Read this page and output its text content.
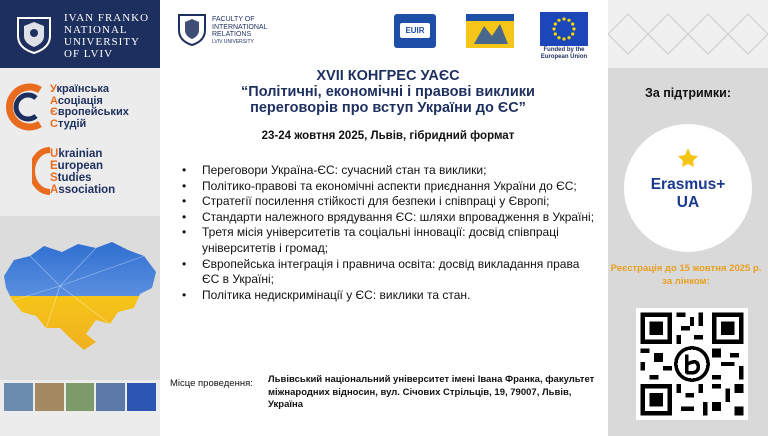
IVAN FRANKO
NATIONAL
UNIVERSITY
OF LVIV
Українська
Асоціація
Європейських
Студій
Ukrainian
European
Studies
Association
FACULTY OF
INTERNATIONAL
RELATIONS
LVIV UNIVERSITY
EUIR
Funded by the European Union
XVII КОНГРЕС УАЄС
“Політичні, економічні і правові виклики
переговорів про вступ України до ЄС”
23-24 жовтня 2025, Львів, гібридний формат
• Переговори Україна-ЄС: сучасний стан та виклики;
• Політико-правові та економічні аспекти приєднання України до ЄС;
• Стратегії посилення стійкості для безпеки і співпраці у Європі;
• Стандарти належного врядування ЄС: шляхи впровадження в Україні;
• Третя місія університетів та соціальні інновації: досвід співпраці університетів і громад;
• Європейська інтеграція і правнича освіта: досвід викладання права ЄС в Україні;
• Політика недискримінації у ЄС: виклики та стан.
Місце проведення: Львівський національний університет імені Івана Франка, факультет міжнародних відносин, вул. Січових Стрільців, 19, 79007, Львів, Україна
За підтримки:
Erasmus+
UA
Реєстрація до 15 жовтня 2025 р. за лінком:
